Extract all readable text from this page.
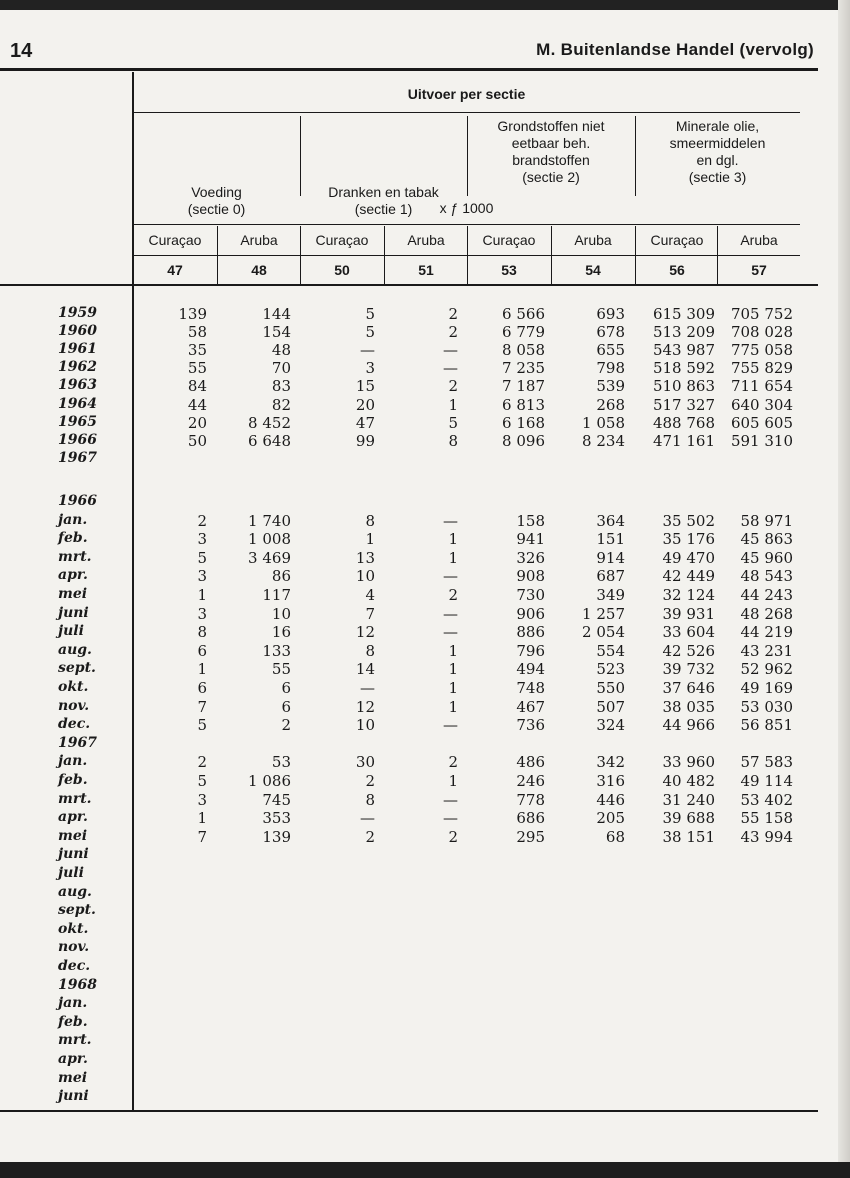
14	M. Buitenlandse Handel (vervolg)
Uitvoer per sectie
Voeding
(sectie 0)
Dranken en tabak
(sectie 1)
Grondstoffen niet
eetbaar beh.
brandstoffen
(sectie 2)
Minerale olie,
smeermiddelen
en dgl.
(sectie 3)
x ƒ 1000
Curaçao	Aruba	Curaçao	Aruba	Curaçao	Aruba	Curaçao	Aruba
47	48	50	51	53	54	56	57
1959	139	144	5	2	6 566	693	615 309	705 752
1960	58	154	5	2	6 779	678	513 209	708 028
1961	35	48	—	—	8 058	655	543 987	775 058
1962	55	70	3	—	7 235	798	518 592	755 829
1963	84	83	15	2	7 187	539	510 863	711 654
1964	44	82	20	1	6 813	268	517 327	640 304
1965	20	8 452	47	5	6 168	1 058	488 768	605 605
1966	50	6 648	99	8	8 096	8 234	471 161	591 310
1967
1966
jan.	2	1 740	8	—	158	364	35 502	58 971
feb.	3	1 008	1	1	941	151	35 176	45 863
mrt.	5	3 469	13	1	326	914	49 470	45 960
apr.	3	86	10	—	908	687	42 449	48 543
mei	1	117	4	2	730	349	32 124	44 243
juni	3	10	7	—	906	1 257	39 931	48 268
juli	8	16	12	—	886	2 054	33 604	44 219
aug.	6	133	8	1	796	554	42 526	43 231
sept.	1	55	14	1	494	523	39 732	52 962
okt.	6	6	—	1	748	550	37 646	49 169
nov.	7	6	12	1	467	507	38 035	53 030
dec.	5	2	10	—	736	324	44 966	56 851
1967
jan.	2	53	30	2	486	342	33 960	57 583
feb.	5	1 086	2	1	246	316	40 482	49 114
mrt.	3	745	8	—	778	446	31 240	53 402
apr.	1	353	—	—	686	205	39 688	55 158
mei	7	139	2	2	295	68	38 151	43 994
juni
juli
aug.
sept.
okt.
nov.
dec.
1968
jan.
feb.
mrt.
apr.
mei
juni
